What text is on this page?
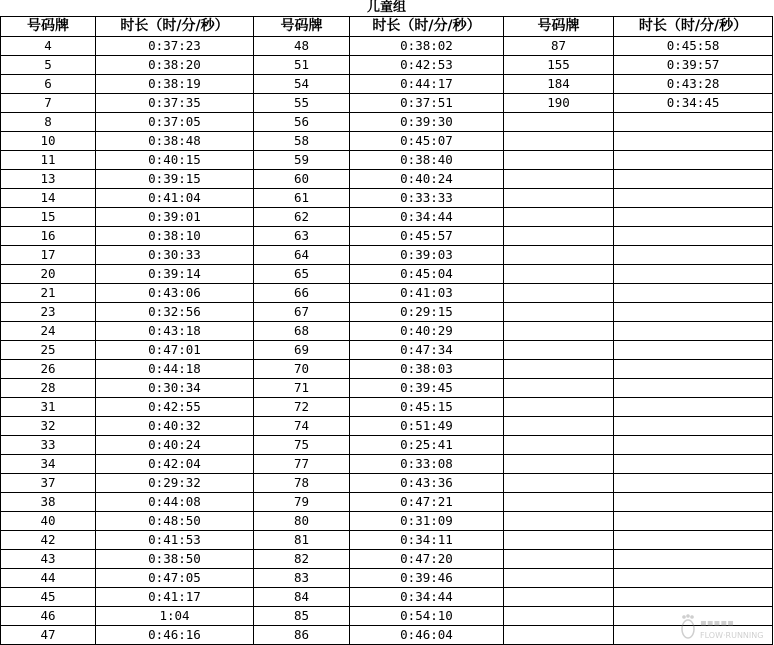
儿童组					
号码牌	时长（时/分/秒）	号码牌	时长（时/分/秒）	号码牌	时长（时/分/秒）
4	0:37:23	48	0:38:02	87	0:45:58
5	0:38:20	51	0:42:53	155	0:39:57
6	0:38:19	54	0:44:17	184	0:43:28
7	0:37:35	55	0:37:51	190	0:34:45
8	0:37:05	56	0:39:30		
10	0:38:48	58	0:45:07		
11	0:40:15	59	0:38:40		
13	0:39:15	60	0:40:24		
14	0:41:04	61	0:33:33		
15	0:39:01	62	0:34:44		
16	0:38:10	63	0:45:57		
17	0:30:33	64	0:39:03		
20	0:39:14	65	0:45:04		
21	0:43:06	66	0:41:03		
23	0:32:56	67	0:29:15		
24	0:43:18	68	0:40:29		
25	0:47:01	69	0:47:34		
26	0:44:18	70	0:38:03		
28	0:30:34	71	0:39:45		
31	0:42:55	72	0:45:15		
32	0:40:32	74	0:51:49		
33	0:40:24	75	0:25:41		
34	0:42:04	77	0:33:08		
37	0:29:32	78	0:43:36		
38	0:44:08	79	0:47:21		
40	0:48:50	80	0:31:09		
42	0:41:53	81	0:34:11		
43	0:38:50	82	0:47:20		
44	0:47:05	83	0:39:46		
45	0:41:17	84	0:34:44		
46	1:04	85	0:54:10		
47	0:46:16	86	0:46:04		
▪▪▪▪▪
FLOW·RUNNING
